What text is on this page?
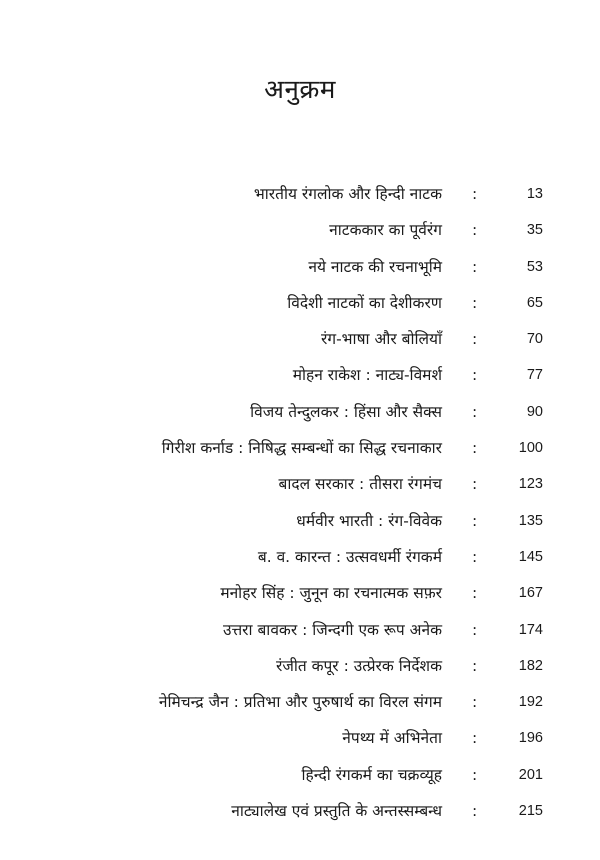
अनुक्रम
भारतीय रंगलोक और हिन्दी नाटक :	13
नाटककार का पूर्वरंग :	35
नये नाटक की रचनाभूमि :	53
विदेशी नाटकों का देशीकरण :	65
रंग-भाषा और बोलियाँ :	70
मोहन राकेश : नाट्य-विमर्श :	77
विजय तेन्दुलकर : हिंसा और सैक्स :	90
गिरीश कर्नाड : निषिद्ध सम्बन्धों का सिद्ध रचनाकार :	100
बादल सरकार : तीसरा रंगमंच :	123
धर्मवीर भारती : रंग-विवेक :	135
ब. व. कारन्त : उत्सवधर्मी रंगकर्म :	145
मनोहर सिंह : जुनून का रचनात्मक सफ़र :	167
उत्तरा बावकर : जिन्दगी एक रूप अनेक :	174
रंजीत कपूर : उत्प्रेरक निर्देशक :	182
नेमिचन्द्र जैन : प्रतिभा और पुरुषार्थ का विरल संगम :	192
नेपथ्य में अभिनेता :	196
हिन्दी रंगकर्म का चक्रव्यूह :	201
नाट्यालेख एवं प्रस्तुति के अन्तस्सम्बन्ध :	215
